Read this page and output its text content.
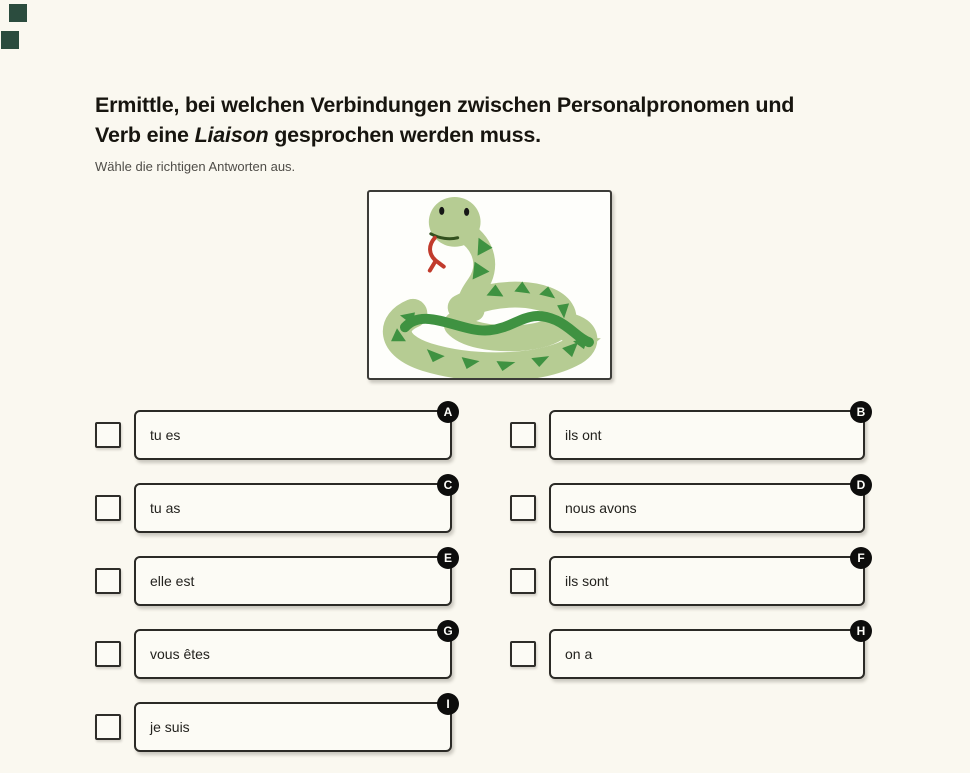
Ermittle, bei welchen Verbindungen zwischen Personalpronomen und
Verb eine Liaison gesprochen werden muss.

Wähle die richtigen Antworten aus.

tu es
A
ils ont
B
tu as
C
nous avons
D
elle est
E
ils sont
F
vous êtes
G
on a
H
je suis
I
